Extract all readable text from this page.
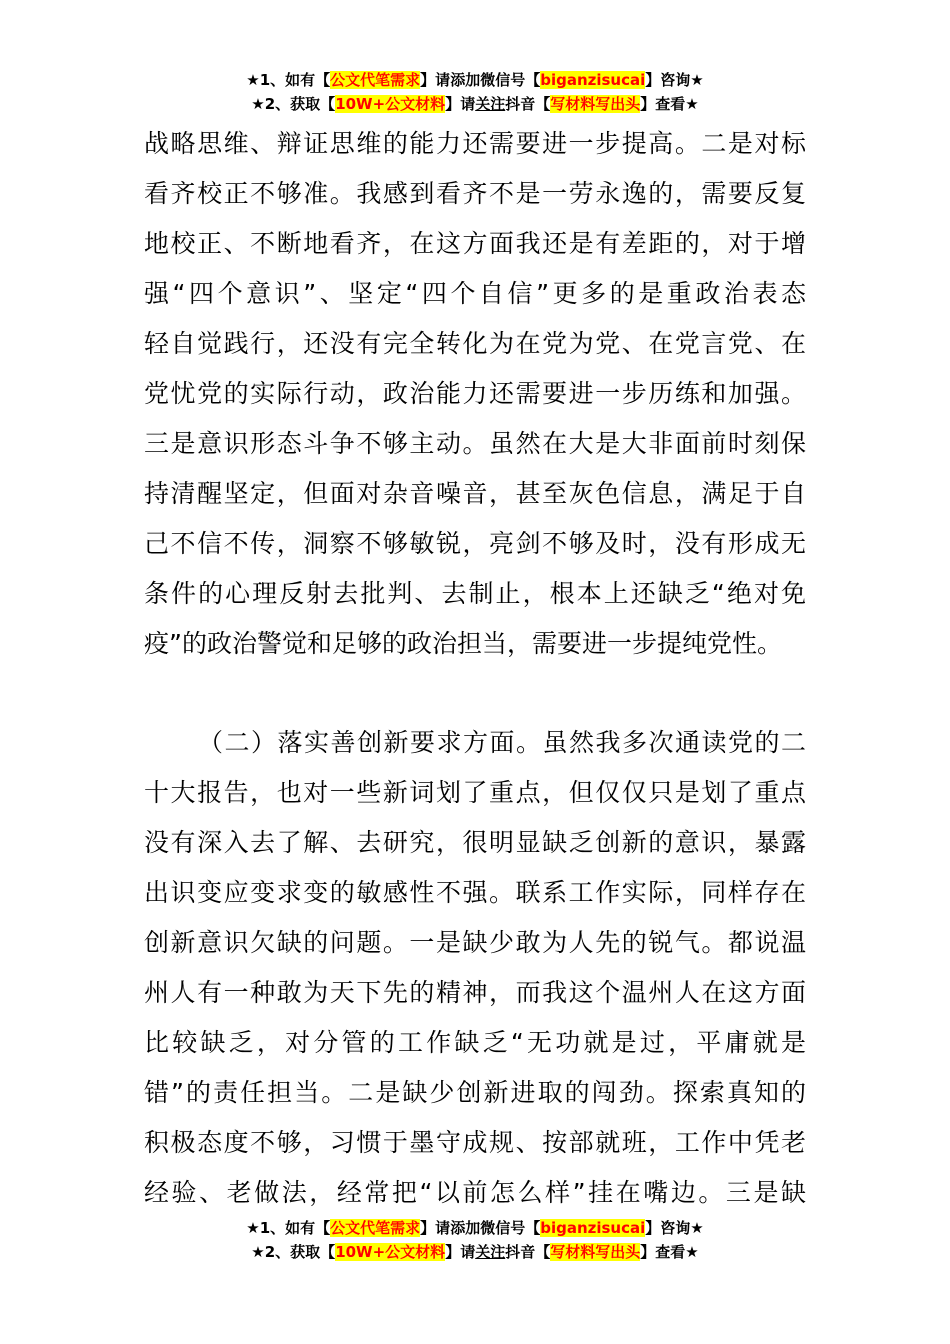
★1、如有【公文代笔需求】请添加微信号【biganzisucai】咨询★
★2、获取【10W+公文材料】请关注抖音【写材料写出头】查看★
战略思维、辩证思维的能力还需要进一步提高。二是对标
看齐校正不够准。我感到看齐不是一劳永逸的，需要反复
地校正、不断地看齐，在这方面我还是有差距的，对于增
强“四个意识”、坚定“四个自信”更多的是重政治表态
轻自觉践行，还没有完全转化为在党为党、在党言党、在
党忧党的实际行动，政治能力还需要进一步历练和加强。
三是意识形态斗争不够主动。虽然在大是大非面前时刻保
持清醒坚定，但面对杂音噪音，甚至灰色信息，满足于自
己不信不传，洞察不够敏锐，亮剑不够及时，没有形成无
条件的心理反射去批判、去制止，根本上还缺乏“绝对免
疫”的政治警觉和足够的政治担当，需要进一步提纯党性。
（二）落实善创新要求方面。虽然我多次通读党的二
十大报告，也对一些新词划了重点，但仅仅只是划了重点
没有深入去了解、去研究，很明显缺乏创新的意识，暴露
出识变应变求变的敏感性不强。联系工作实际，同样存在
创新意识欠缺的问题。一是缺少敢为人先的锐气。都说温
州人有一种敢为天下先的精神，而我这个温州人在这方面
比较缺乏，对分管的工作缺乏“无功就是过，平庸就是
错”的责任担当。二是缺少创新进取的闯劲。探索真知的
积极态度不够，习惯于墨守成规、按部就班，工作中凭老
经验、老做法，经常把“以前怎么样”挂在嘴边。三是缺
★1、如有【公文代笔需求】请添加微信号【biganzisucai】咨询★
★2、获取【10W+公文材料】请关注抖音【写材料写出头】查看★
